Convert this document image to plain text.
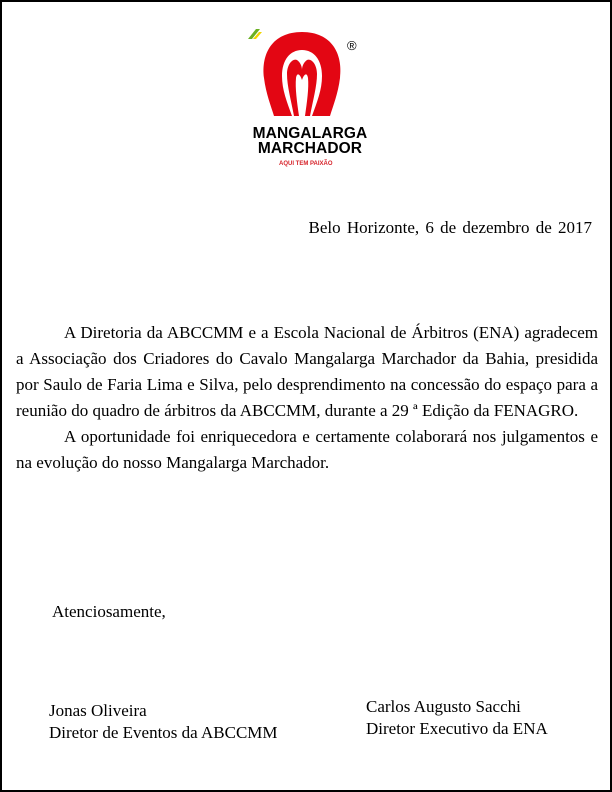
®
MANGALARGA
MARCHADOR
AQUI TEM PAIXÃO
Belo Horizonte, 6 de dezembro de 2017

A Diretoria da ABCCMM e a Escola Nacional de Árbitros (ENA) agradecem a Associação dos Criadores do Cavalo Mangalarga Marchador da Bahia, presidida por Saulo de Faria Lima e Silva, pelo desprendimento na concessão do espaço para a reunião do quadro de árbitros da ABCCMM, durante a 29 ª Edição da FENAGRO.

A oportunidade foi enriquecedora e certamente colaborará nos julgamentos e na evolução do nosso Mangalarga Marchador.

Atenciosamente,
Jonas Oliveira
Diretor de Eventos da ABCCMM
Carlos Augusto Sacchi
Diretor Executivo da ENA
